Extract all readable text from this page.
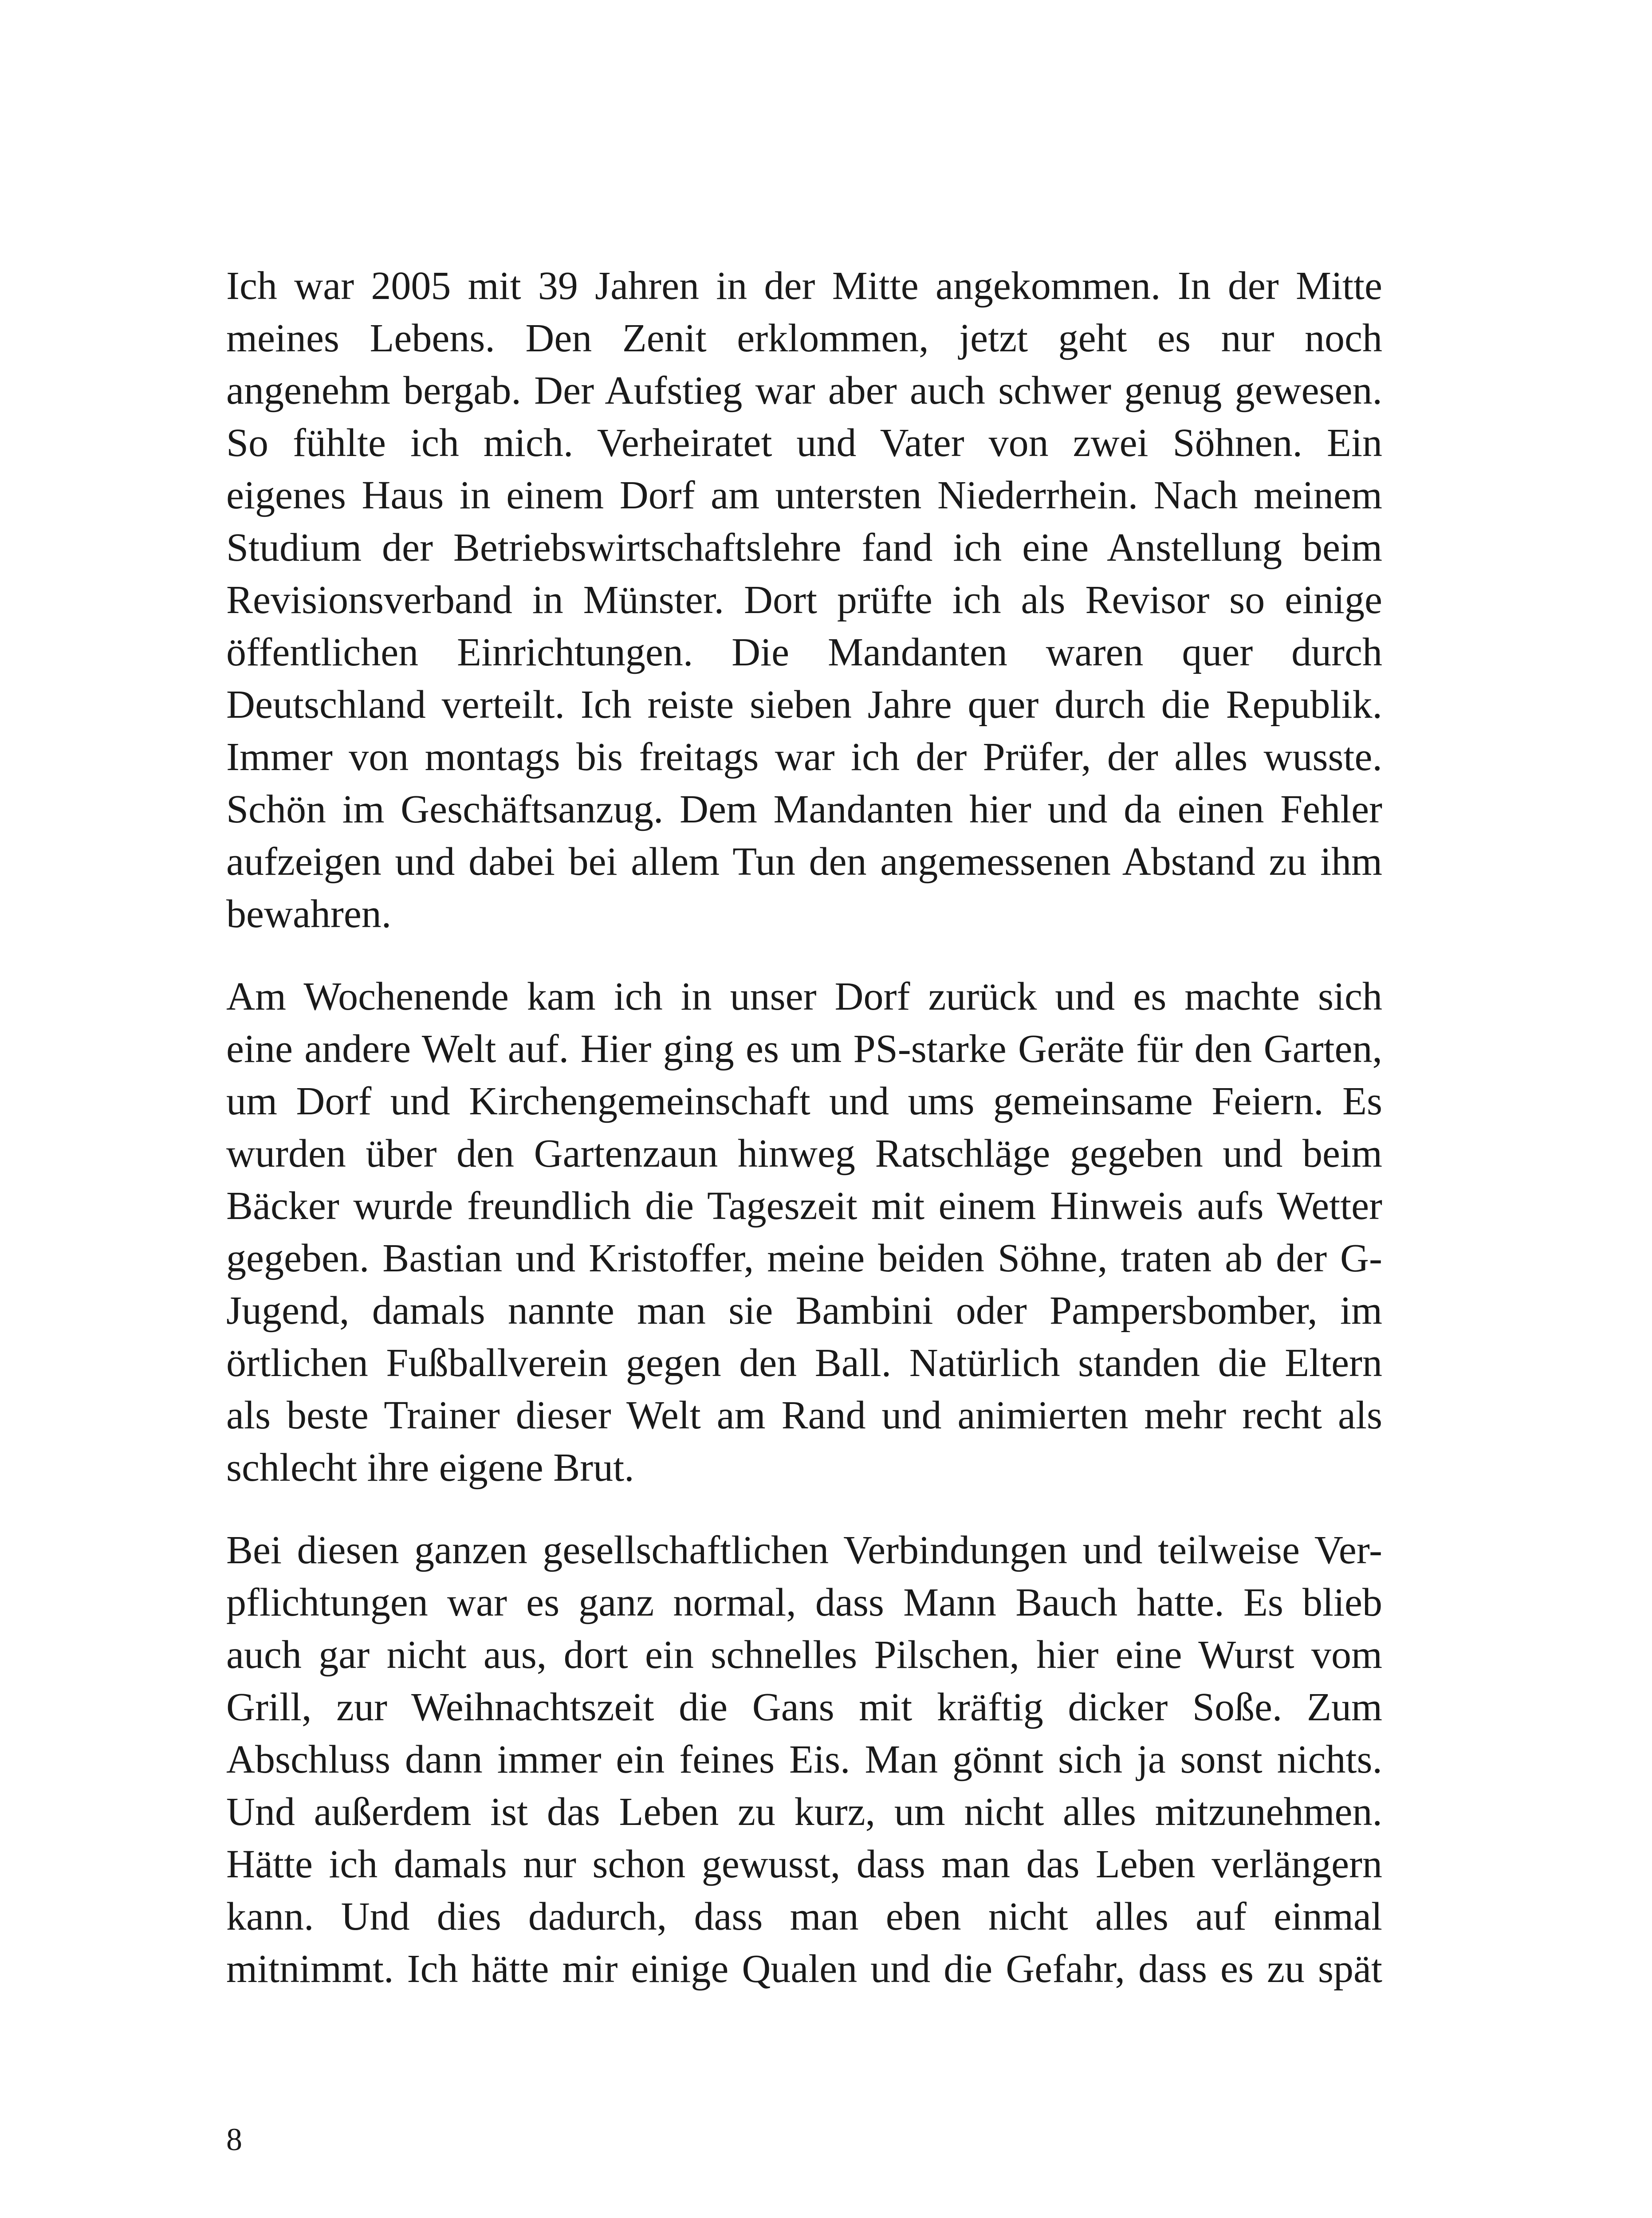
Ich war 2005 mit 39 Jahren in der Mitte angekommen. In der Mitte
meines Lebens. Den Zenit erklommen, jetzt geht es nur noch
angenehm bergab. Der Aufstieg war aber auch schwer genug gewesen.
So fühlte ich mich. Verheiratet und Vater von zwei Söhnen. Ein
eigenes Haus in einem Dorf am untersten Niederrhein. Nach meinem
Studium der Betriebswirtschaftslehre fand ich eine Anstellung beim
Revisionsverband in Münster. Dort prüfte ich als Revisor so einige
öffentlichen Einrichtungen. Die Mandanten waren quer durch
Deutschland verteilt. Ich reiste sieben Jahre quer durch die Republik.
Immer von montags bis freitags war ich der Prüfer, der alles wusste.
Schön im Geschäftsanzug. Dem Mandanten hier und da einen Fehler
aufzeigen und dabei bei allem Tun den angemessenen Abstand zu ihm
bewahren.
Am Wochenende kam ich in unser Dorf zurück und es machte sich
eine andere Welt auf. Hier ging es um PS-starke Geräte für den Garten,
um Dorf und Kirchengemeinschaft und ums gemeinsame Feiern. Es
wurden über den Gartenzaun hinweg Ratschläge gegeben und beim
Bäcker wurde freundlich die Tageszeit mit einem Hinweis aufs Wetter
gegeben. Bastian und Kristoffer, meine beiden Söhne, traten ab der G-
Jugend, damals nannte man sie Bambini oder Pampersbomber, im
örtlichen Fußballverein gegen den Ball. Natürlich standen die Eltern
als beste Trainer dieser Welt am Rand und animierten mehr recht als
schlecht ihre eigene Brut.
Bei diesen ganzen gesellschaftlichen Verbindungen und teilweise Ver-
pflichtungen war es ganz normal, dass Mann Bauch hatte. Es blieb
auch gar nicht aus, dort ein schnelles Pilschen, hier eine Wurst vom
Grill, zur Weihnachtszeit die Gans mit kräftig dicker Soße. Zum
Abschluss dann immer ein feines Eis. Man gönnt sich ja sonst nichts.
Und außerdem ist das Leben zu kurz, um nicht alles mitzunehmen.
Hätte ich damals nur schon gewusst, dass man das Leben verlängern
kann. Und dies dadurch, dass man eben nicht alles auf einmal
mitnimmt. Ich hätte mir einige Qualen und die Gefahr, dass es zu spät
8
